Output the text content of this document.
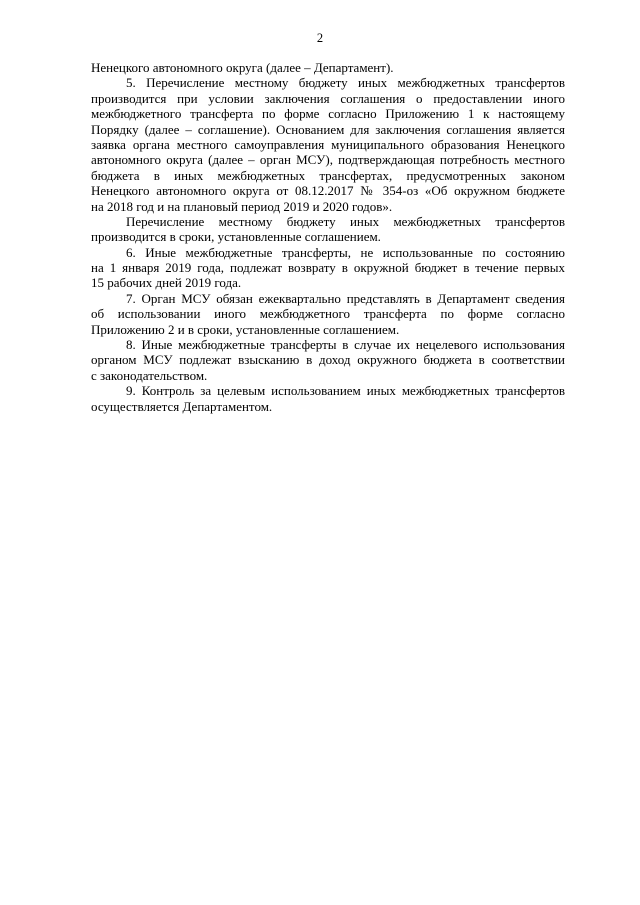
2
Ненецкого автономного округа (далее – Департамент).
5. Перечисление местному бюджету иных межбюджетных трансфертов
производится при условии заключения соглашения о предоставлении иного
межбюджетного трансферта по форме согласно Приложению 1 к настоящему
Порядку (далее – соглашение). Основанием для заключения соглашения является
заявка органа местного самоуправления муниципального образования Ненецкого
автономного округа (далее – орган МСУ), подтверждающая потребность местного
бюджета в иных межбюджетных трансфертах, предусмотренных законом
Ненецкого автономного округа от 08.12.2017 № 354-оз «Об окружном бюджете
на 2018 год и на плановый период 2019 и 2020 годов».
Перечисление местному бюджету иных межбюджетных трансфертов
производится в сроки, установленные соглашением.
6. Иные межбюджетные трансферты, не использованные по состоянию
на 1 января 2019 года, подлежат возврату в окружной бюджет в течение первых
15 рабочих дней 2019 года.
7. Орган МСУ обязан ежеквартально представлять в Департамент сведения
об использовании иного межбюджетного трансферта по форме согласно
Приложению 2 и в сроки, установленные соглашением.
8. Иные межбюджетные трансферты в случае их нецелевого использования
органом МСУ подлежат взысканию в доход окружного бюджета в соответствии
с законодательством.
9. Контроль за целевым использованием иных межбюджетных трансфертов
осуществляется Департаментом.
